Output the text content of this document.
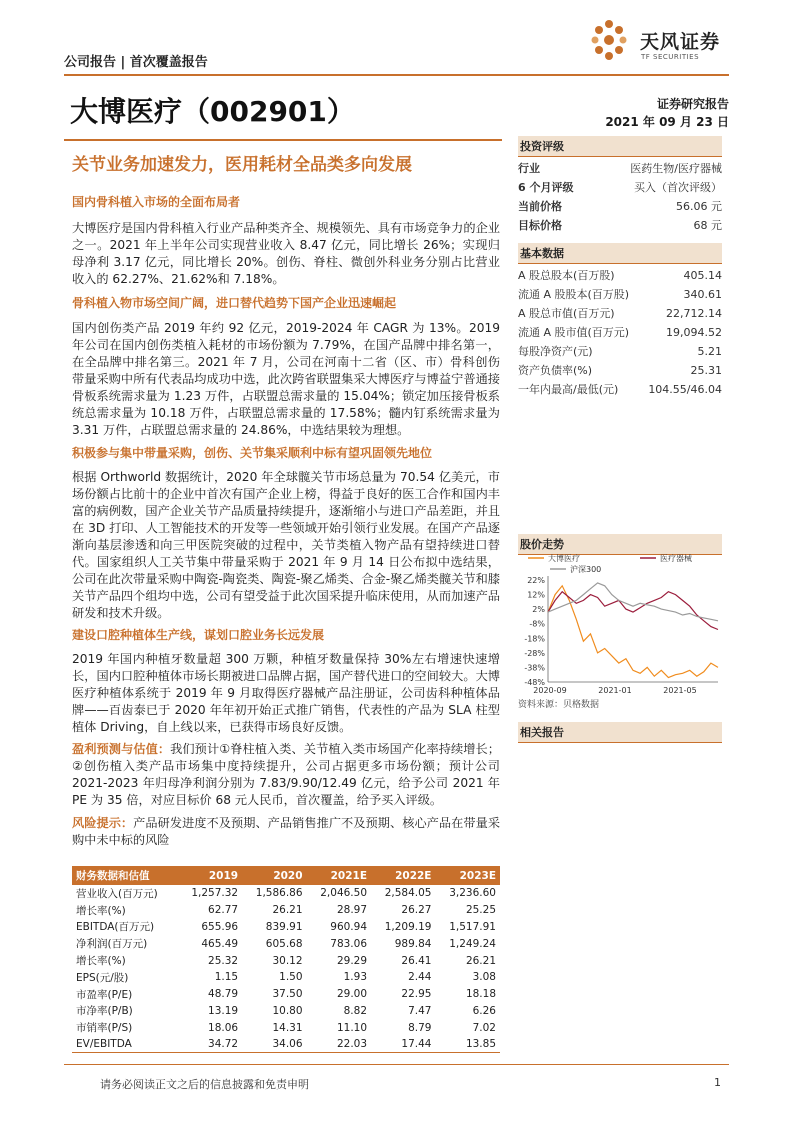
公司报告 | 首次覆盖报告
天风证券
TF SECURITIES
大博医疗（002901）	证券研究报告
2021 年 09 月 23 日
关节业务加速发力，医用耗材全品类多向发展
国内骨科植入市场的全面布局者
大博医疗是国内骨科植入行业产品种类齐全、规模领先、具有市场竞争力的企业之一。2021 年上半年公司实现营业收入 8.47 亿元，同比增长 26%；实现归母净利 3.17 亿元，同比增长 20%。创伤、脊柱、微创外科业务分别占比营业收入的 62.27%、21.62%和 7.18%。
骨科植入物市场空间广阔，进口替代趋势下国产企业迅速崛起
国内创伤类产品 2019 年约 92 亿元，2019-2024 年 CAGR 为 13%。2019 年公司在国内创伤类植入耗材的市场份额为 7.79%，在国产品牌中排名第一，在全品牌中排名第三。2021 年 7 月，公司在河南十二省（区、市）骨科创伤带量采购中所有代表品均成功中选，此次跨省联盟集采大博医疗与博益宁普通接骨板系统需求量为 1.23 万件，占联盟总需求量的 15.04%；锁定加压接骨板系统总需求量为 10.18 万件，占联盟总需求量的 17.58%；髓内钉系统需求量为 3.31 万件，占联盟总需求量的 24.86%，中选结果较为理想。
积极参与集中带量采购，创伤、关节集采顺利中标有望巩固领先地位
根据 Orthworld 数据统计，2020 年全球髋关节市场总量为 70.54 亿美元，市场份额占比前十的企业中首次有国产企业上榜，得益于良好的医工合作和国内丰富的病例数，国产企业关节产品质量持续提升，逐渐缩小与进口产品差距，并且在 3D 打印、人工智能技术的开发等一些领域开始引领行业发展。在国产产品逐渐向基层渗透和向三甲医院突破的过程中，关节类植入物产品有望持续进口替代。国家组织人工关节集中带量采购于 2021 年 9 月 14 日公布拟中选结果，公司在此次带量采购中陶瓷-陶瓷类、陶瓷-聚乙烯类、合金-聚乙烯类髋关节和膝关节产品四个组均中选，公司有望受益于此次国采提升临床使用，从而加速产品研发和技术升级。
建设口腔种植体生产线，谋划口腔业务长远发展
2019 年国内种植牙数量超 300 万颗，种植牙数量保持 30%左右增速快速增长，国内口腔种植体市场长期被进口品牌占据，国产替代进口的空间较大。大博医疗种植体系统于 2019 年 9 月取得医疗器械产品注册证，公司齿科种植体品牌——百齿泰已于 2020 年年初开始正式推广销售，代表性的产品为 SLA 柱型植体 Driving，自上线以来，已获得市场良好反馈。
盈利预测与估值：我们预计①脊柱植入类、关节植入类市场国产化率持续增长；②创伤植入类产品市场集中度持续提升，公司占据更多市场份额；预计公司 2021-2023 年归母净利润分别为 7.83/9.90/12.49 亿元，给予公司 2021 年 PE 为 35 倍，对应目标价 68 元人民币，首次覆盖，给予买入评级。
风险提示：产品研发进度不及预期、产品销售推广不及预期、核心产品在带量采购中未中标的风险
财务数据和估值	2019	2020	2021E	2022E	2023E
营业收入(百万元)	1,257.32	1,586.86	2,046.50	2,584.05	3,236.60
增长率(%)	62.77	26.21	28.97	26.27	25.25
EBITDA(百万元)	655.96	839.91	960.94	1,209.19	1,517.91
净利润(百万元)	465.49	605.68	783.06	989.84	1,249.24
增长率(%)	25.32	30.12	29.29	26.41	26.21
EPS(元/股)	1.15	1.50	1.93	2.44	3.08
市盈率(P/E)	48.79	37.50	29.00	22.95	18.18
市净率(P/B)	13.19	10.80	8.82	7.47	6.26
市销率(P/S)	18.06	14.31	11.10	8.79	7.02
EV/EBITDA	34.72	34.06	22.03	17.44	13.85
投资评级
行业	医药生物/医疗器械
6 个月评级	买入（首次评级）
当前价格	56.06 元
目标价格	68 元
基本数据
A 股总股本(百万股)	405.14
流通 A 股股本(百万股)	340.61
A 股总市值(百万元)	22,712.14
流通 A 股市值(百万元)	19,094.52
每股净资产(元)	5.21
资产负债率(%)	25.31
一年内最高/最低(元)	104.55/46.04
股价走势
大博医疗	医疗器械
沪深300
22%
12%
2%
-8%
-18%
-28%
-38%
-48%
2020-09	2021-01	2021-05
资料来源：贝格数据
相关报告
请务必阅读正文之后的信息披露和免责申明	1
